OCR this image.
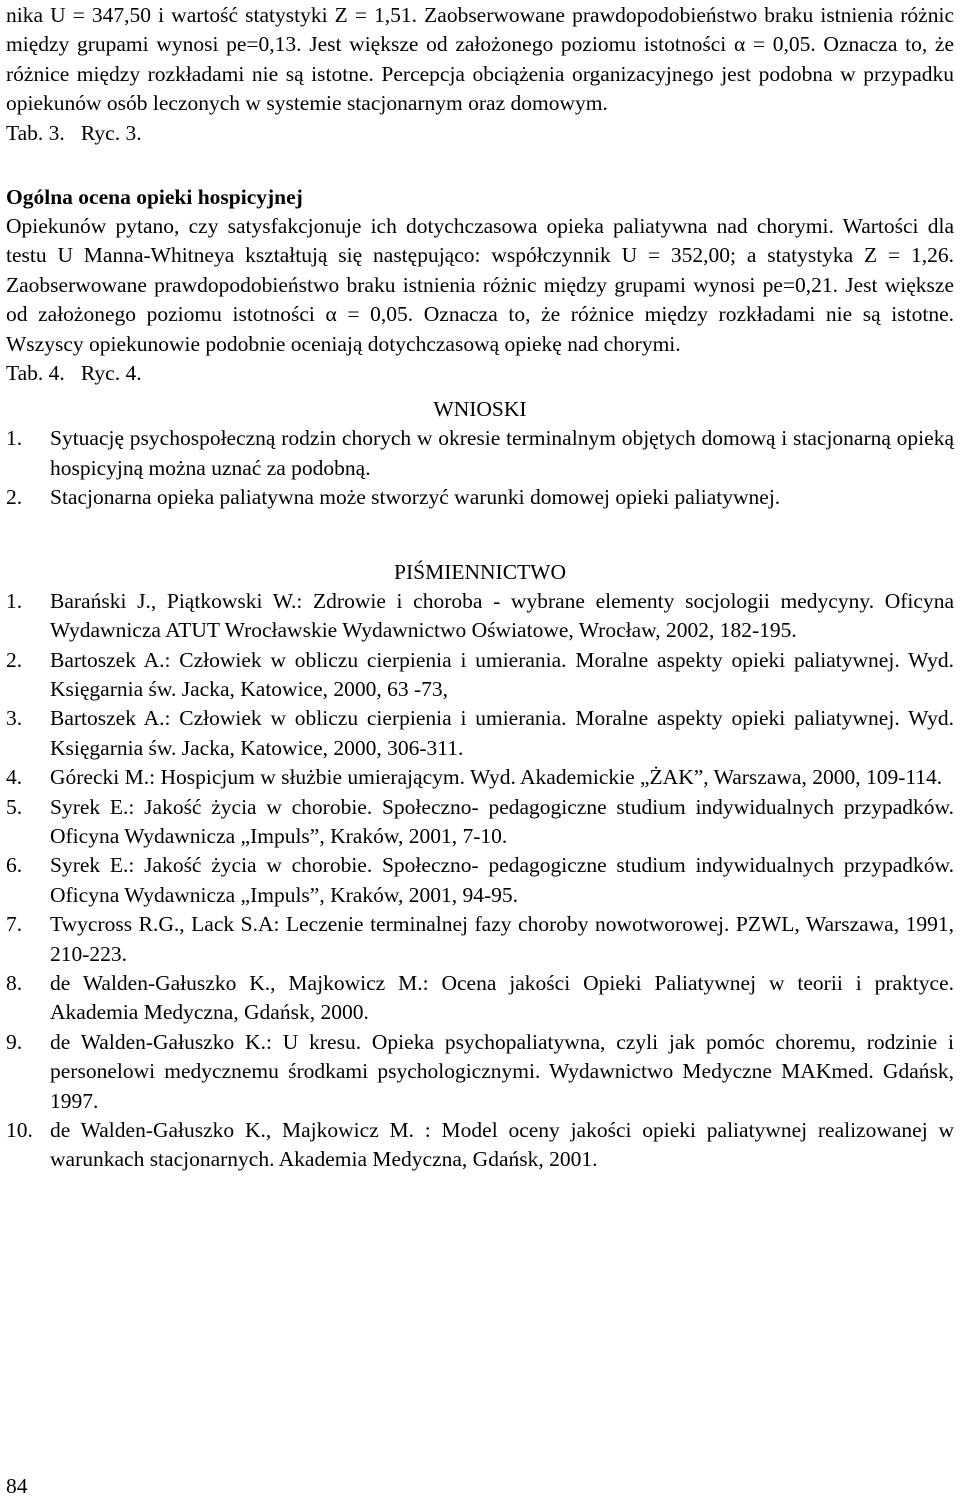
nika U = 347,50 i wartość statystyki Z = 1,51. Zaobserwowane prawdopodobieństwo braku istnienia różnic między grupami wynosi pe=0,13. Jest większe od założonego poziomu istotności α = 0,05. Oznacza to, że różnice między rozkładami nie są istotne. Percepcja obciążenia organizacyjnego jest podobna w przypadku opiekunów osób leczonych w systemie stacjonarnym oraz domowym.

Tab. 3.   Ryc. 3.

Ogólna ocena opieki hospicyjnej

Opiekunów pytano, czy satysfakcjonuje ich dotychczasowa opieka paliatywna nad chorymi. Wartości dla testu U Manna-Whitneya kształtują się następująco: współczynnik U = 352,00; a statystyka Z = 1,26. Zaobserwowane prawdopodobieństwo braku istnienia różnic między grupami wynosi pe=0,21. Jest większe od założonego poziomu istotności α = 0,05. Oznacza to, że różnice między rozkładami nie są istotne. Wszyscy opiekunowie podobnie oceniają dotychczasową opiekę nad chorymi.

Tab. 4.   Ryc. 4.

WNIOSKI

1. Sytuację psychospołeczną rodzin chorych w okresie terminalnym objętych domową i stacjonarną opieką hospicyjną można uznać za podobną.
2. Stacjonarna opieka paliatywna może stworzyć warunki domowej opieki paliatywnej.

PIŚMIENNICTWO

1. Barański J., Piątkowski W.: Zdrowie i choroba - wybrane elementy socjologii medycyny. Oficyna Wydawnicza ATUT Wrocławskie Wydawnictwo Oświatowe, Wrocław, 2002, 182-195.
2. Bartoszek A.: Człowiek w obliczu cierpienia i umierania. Moralne aspekty opieki paliatywnej. Wyd. Księgarnia św. Jacka, Katowice, 2000, 63 -73,
3. Bartoszek A.: Człowiek w obliczu cierpienia i umierania. Moralne aspekty opieki paliatywnej. Wyd. Księgarnia św. Jacka, Katowice, 2000, 306-311.
4. Górecki M.: Hospicjum w służbie umierającym. Wyd. Akademickie „ŻAK”, Warszawa, 2000, 109-114.
5. Syrek E.: Jakość życia w chorobie. Społeczno- pedagogiczne studium indywidualnych przypadków. Oficyna Wydawnicza „Impuls”, Kraków, 2001, 7-10.
6. Syrek E.: Jakość życia w chorobie. Społeczno- pedagogiczne studium indywidualnych przypadków. Oficyna Wydawnicza „Impuls”, Kraków, 2001, 94-95.
7. Twycross R.G., Lack S.A: Leczenie terminalnej fazy choroby nowotworowej. PZWL, Warszawa, 1991, 210-223.
8. de Walden-Gałuszko K., Majkowicz M.: Ocena jakości Opieki Paliatywnej w teorii i praktyce. Akademia Medyczna, Gdańsk, 2000.
9. de Walden-Gałuszko K.: U kresu. Opieka psychopaliatywna, czyli jak pomóc choremu, rodzinie i personelowi medycznemu środkami psychologicznymi. Wydawnictwo Medyczne MAKmed. Gdańsk, 1997.
10. de Walden-Gałuszko K., Majkowicz M. : Model oceny jakości opieki paliatywnej realizowanej w warunkach stacjonarnych. Akademia Medyczna, Gdańsk, 2001.
84
